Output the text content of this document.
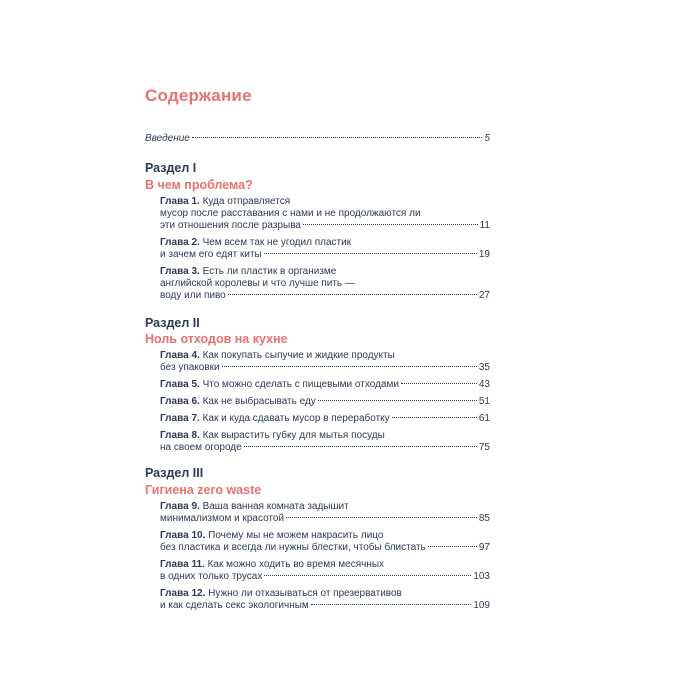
Содержание
Введение	5
Раздел I
В чем проблема?
Глава 1. Куда отправляется
мусор после расставания с нами и не продолжаются ли
эти отношения после разрыва	11
Глава 2. Чем всем так не угодил пластик
и зачем его едят киты	19
Глава 3. Есть ли пластик в организме
английской королевы и что лучше пить —
воду или пиво	27
Раздел II
Ноль отходов на кухне
Глава 4. Как покупать сыпучие и жидкие продукты
без упаковки	35
Глава 5. Что можно сделать с пищевыми отходами	43
Глава 6. Как не выбрасывать еду	51
Глава 7. Как и куда сдавать мусор в переработку	61
Глава 8. Как вырастить губку для мытья посуды
на своем огороде	75
Раздел III
Гигиена zero waste
Глава 9. Ваша ванная комната задышит
минимализмом и красотой	85
Глава 10. Почему мы не можем накрасить лицо
без пластика и всегда ли нужны блестки, чтобы блистать	97
Глава 11. Как можно ходить во время месячных
в одних только трусах	103
Глава 12. Нужно ли отказываться от презервативов
и как сделать секс экологичным	109
